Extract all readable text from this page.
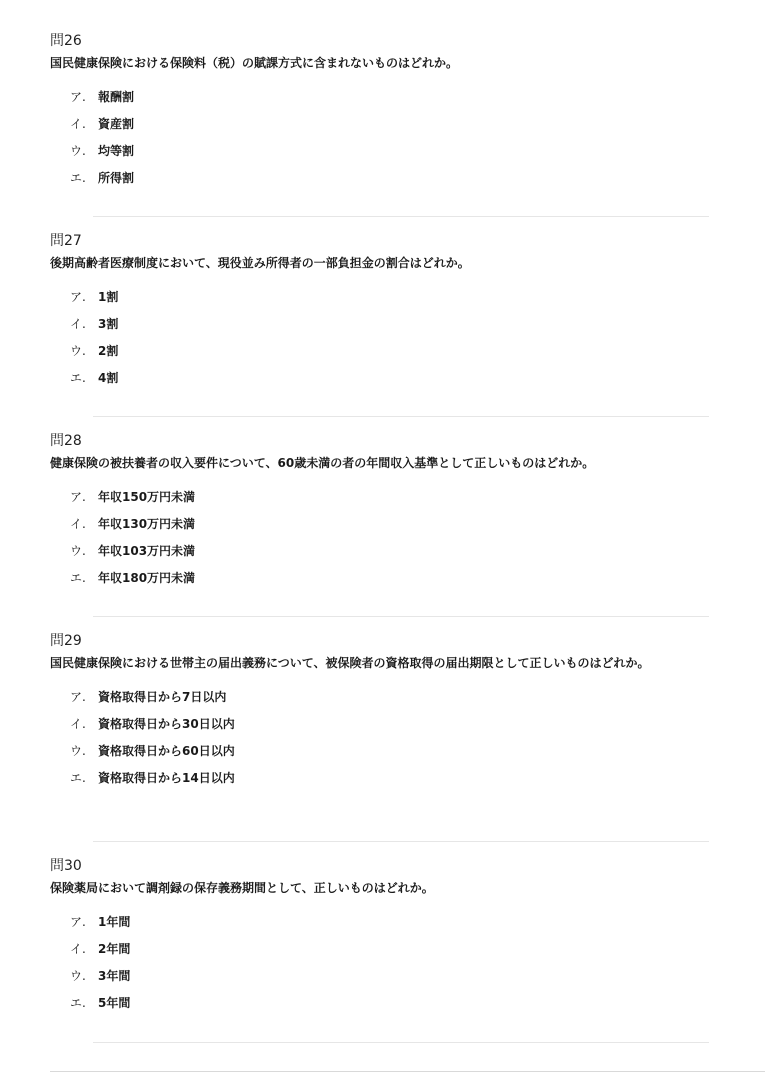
問26
国民健康保険における保険料（税）の賦課方式に含まれないものはどれか。
ア. 報酬割
イ. 資産割
ウ. 均等割
エ. 所得割
問27
後期高齢者医療制度において、現役並み所得者の一部負担金の割合はどれか。
ア. 1割
イ. 3割
ウ. 2割
エ. 4割
問28
健康保険の被扶養者の収入要件について、60歳未満の者の年間収入基準として正しいものはどれか。
ア. 年収150万円未満
イ. 年収130万円未満
ウ. 年収103万円未満
エ. 年収180万円未満
問29
国民健康保険における世帯主の届出義務について、被保険者の資格取得の届出期限として正しいものはどれか。
ア. 資格取得日から7日以内
イ. 資格取得日から30日以内
ウ. 資格取得日から60日以内
エ. 資格取得日から14日以内
問30
保険薬局において調剤録の保存義務期間として、正しいものはどれか。
ア. 1年間
イ. 2年間
ウ. 3年間
エ. 5年間
